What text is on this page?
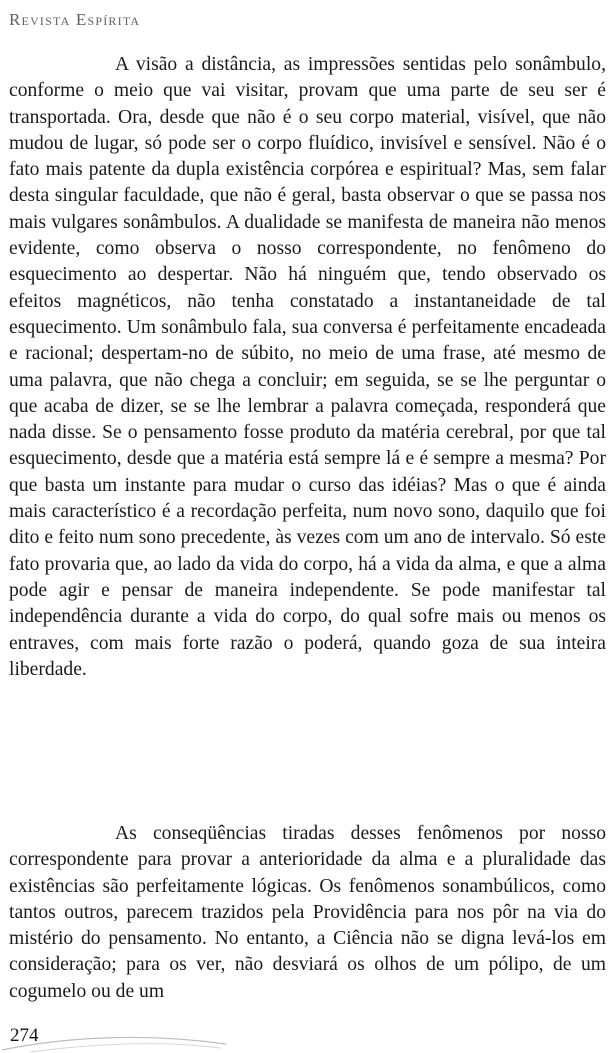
Revista Espírita

A visão a distância, as impressões sentidas pelo sonâmbulo, conforme o meio que vai visitar, provam que uma parte de seu ser é transportada. Ora, desde que não é o seu corpo material, visível, que não mudou de lugar, só pode ser o corpo fluídico, invisível e sensível. Não é o fato mais patente da dupla existência corpórea e espiritual? Mas, sem falar desta singular faculdade, que não é geral, basta observar o que se passa nos mais vulgares sonâmbulos. A dualidade se manifesta de maneira não menos evidente, como observa o nosso correspondente, no fenômeno do esquecimento ao despertar. Não há ninguém que, tendo observado os efeitos magnéticos, não tenha constatado a instantaneidade de tal esquecimento. Um sonâmbulo fala, sua conversa é perfeitamente encadeada e racional; despertam-no de súbito, no meio de uma frase, até mesmo de uma palavra, que não chega a concluir; em seguida, se se lhe perguntar o que acaba de dizer, se se lhe lembrar a palavra começada, responderá que nada disse. Se o pensamento fosse produto da matéria cerebral, por que tal esquecimento, desde que a matéria está sempre lá e é sempre a mesma? Por que basta um instante para mudar o curso das idéias? Mas o que é ainda mais característico é a recordação perfeita, num novo sono, daquilo que foi dito e feito num sono precedente, às vezes com um ano de intervalo. Só este fato provaria que, ao lado da vida do corpo, há a vida da alma, e que a alma pode agir e pensar de maneira independente. Se pode manifestar tal independência durante a vida do corpo, do qual sofre mais ou menos os entraves, com mais forte razão o poderá, quando goza de sua inteira liberdade.

As conseqüências tiradas desses fenômenos por nosso correspondente para provar a anterioridade da alma e a pluralidade das existências são perfeitamente lógicas. Os fenômenos sonambúlicos, como tantos outros, parecem trazidos pela Providência para nos pôr na via do mistério do pensamento. No entanto, a Ciência não se digna levá-los em consideração; para os ver, não desviará os olhos de um pólipo, de um cogumelo ou de um

274
